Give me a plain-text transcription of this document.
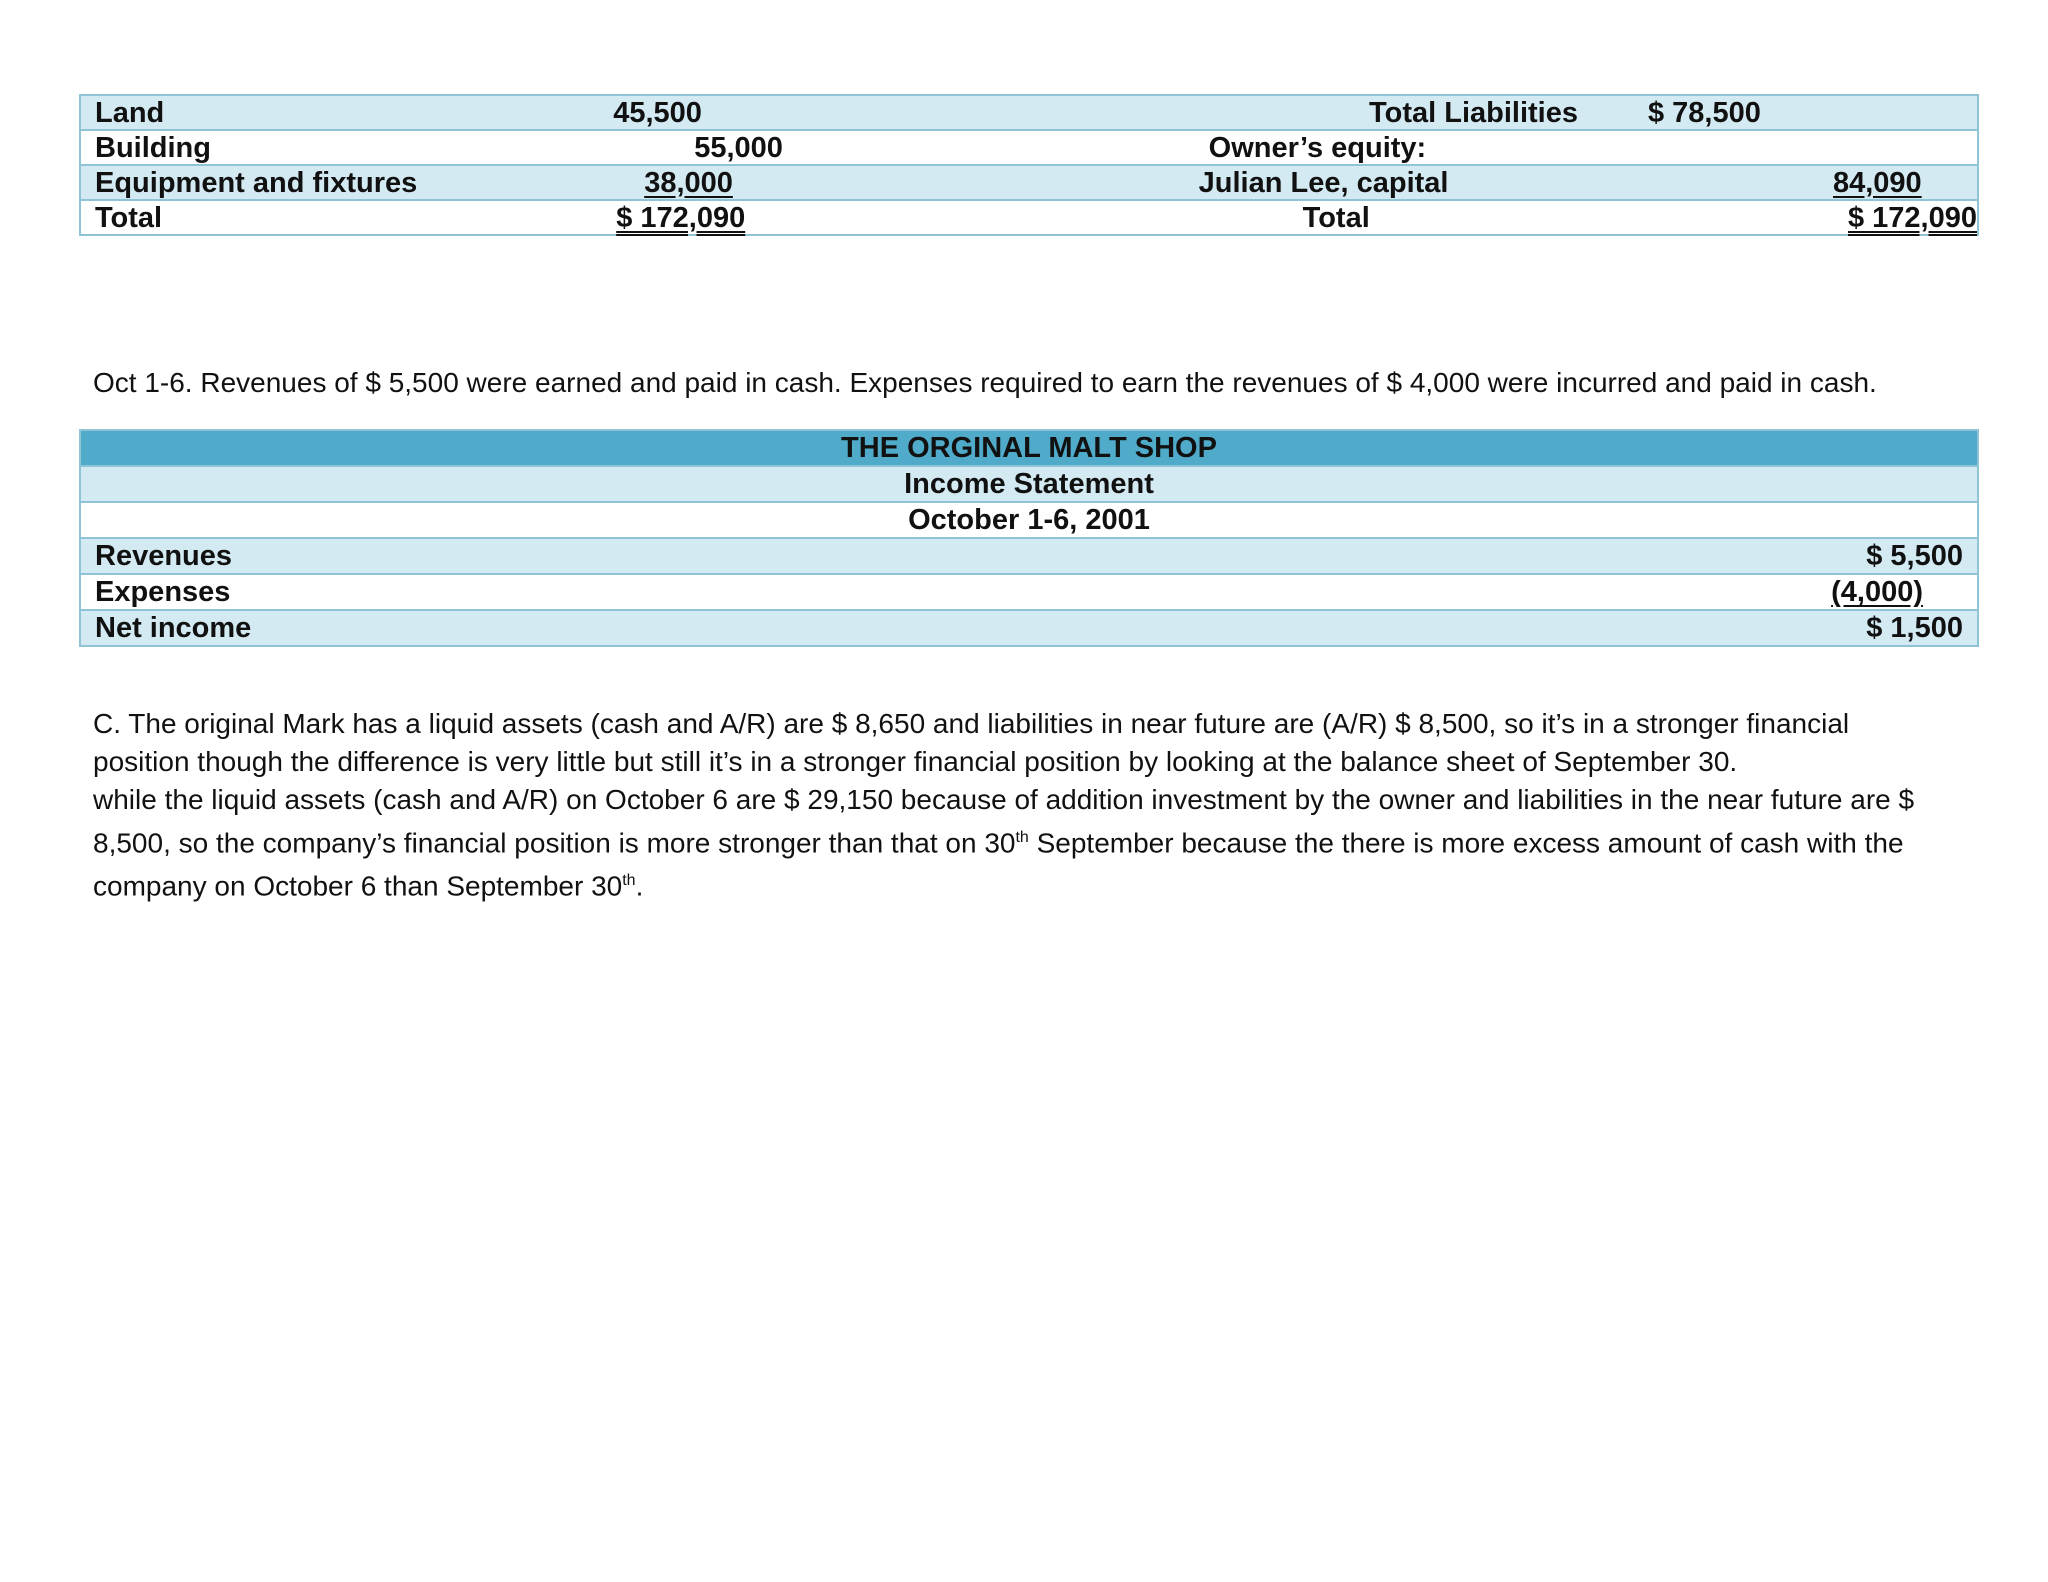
Land	45,500	Total Liabilities	$ 78,500
Building	55,000	Owner’s equity:	
Equipment and fixtures	38,000	Julian Lee, capital	84,090
Total	$ 172,090	Total	$ 172,090

Oct 1-6. Revenues of $ 5,500 were earned and paid in cash. Expenses required to earn the revenues of $ 4,000 were incurred and paid in cash.

THE ORGINAL MALT SHOP	
Income Statement	
October 1-6, 2001	
Revenues	$ 5,500
Expenses	(4,000)
Net income	$ 1,500
C. The original Mark has a liquid assets (cash and A/R) are $ 8,650 and liabilities in near future are (A/R) $ 8,500, so it’s in a stronger financial
position though the difference is very little but still it’s in a stronger financial position by looking at the balance sheet of September 30.
while the liquid assets (cash and A/R) on October 6 are $ 29,150 because of addition investment by the owner and liabilities in the near future are $
8,500, so the company’s financial position is more stronger than that on 30th September because the there is more excess amount of cash with the
company on October 6 than September 30th.
